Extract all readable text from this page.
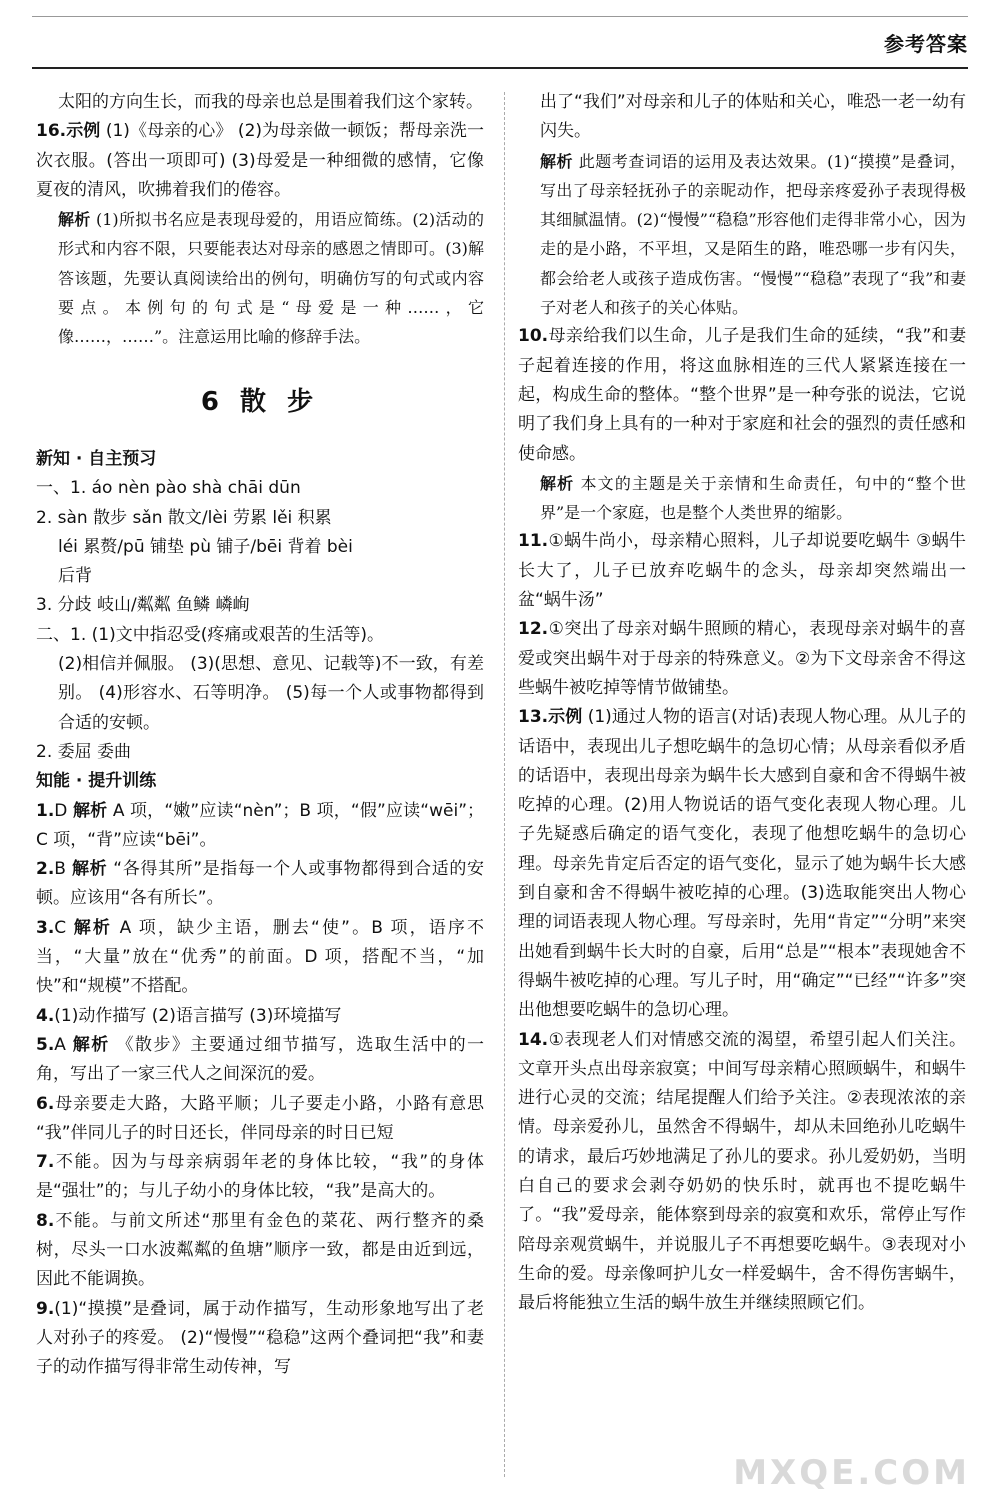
参考答案

太阳的方向生长，而我的母亲也总是围着我们这个家转。

16.示例 (1)《母亲的心》 (2)为母亲做一顿饭；帮母亲洗一次衣服。(答出一项即可) (3)母爱是一种细微的感情，它像夏夜的清风，吹拂着我们的倦容。

解析 (1)所拟书名应是表现母爱的，用语应简练。(2)活动的形式和内容不限，只要能表达对母亲的感恩之情即可。(3)解答该题，先要认真阅读给出的例句，明确仿写的句式或内容要点。本例句的句式是“母爱是一种……，它像……，……”。注意运用比喻的修辞手法。

6 散 步

新知 · 自主预习

一、1. áo nèn pào shà chāi dūn

2. sàn 散步 sǎn 散文/lèi 劳累 lěi 积累

léi 累赘/pū 铺垫 pù 铺子/bēi 背着 bèi

后背

3. 分歧 岐山/粼粼 鱼鳞 嶙峋

二、1. (1)文中指忍受(疼痛或艰苦的生活等)。

(2)相信并佩服。 (3)(思想、意见、记载等)不一致，有差别。 (4)形容水、石等明净。 (5)每一个人或事物都得到合适的安顿。

2. 委屈 委曲

知能 · 提升训练

1.D 解析 A 项，“嫩”应读“nèn”；B 项，“假”应读“wēi”；C 项，“背”应读“bēi”。

2.B 解析 “各得其所”是指每一个人或事物都得到合适的安顿。应该用“各有所长”。

3.C 解析 A 项，缺少主语，删去“使”。B 项，语序不当，“大量”放在“优秀”的前面。D 项，搭配不当，“加快”和“规模”不搭配。

4.(1)动作描写 (2)语言描写 (3)环境描写

5.A 解析 《散步》主要通过细节描写，选取生活中的一角，写出了一家三代人之间深沉的爱。

6.母亲要走大路，大路平顺；儿子要走小路，小路有意思 “我”伴同儿子的时日还长，伴同母亲的时日已短

7.不能。因为与母亲病弱年老的身体比较，“我”的身体是“强壮”的；与儿子幼小的身体比较，“我”是高大的。

8.不能。与前文所述“那里有金色的菜花、两行整齐的桑树，尽头一口水波粼粼的鱼塘”顺序一致，都是由近到远，因此不能调换。

9.(1)“摸摸”是叠词，属于动作描写，生动形象地写出了老人对孙子的疼爱。 (2)“慢慢”“稳稳”这两个叠词把“我”和妻子的动作描写得非常生动传神，写

出了“我们”对母亲和儿子的体贴和关心，唯恐一老一幼有闪失。

解析 此题考查词语的运用及表达效果。(1)“摸摸”是叠词，写出了母亲轻抚孙子的亲昵动作，把母亲疼爱孙子表现得极其细腻温情。(2)“慢慢”“稳稳”形容他们走得非常小心，因为走的是小路，不平坦，又是陌生的路，唯恐哪一步有闪失，都会给老人或孩子造成伤害。“慢慢”“稳稳”表现了“我”和妻子对老人和孩子的关心体贴。

10.母亲给我们以生命，儿子是我们生命的延续，“我”和妻子起着连接的作用，将这血脉相连的三代人紧紧连接在一起，构成生命的整体。“整个世界”是一种夸张的说法，它说明了我们身上具有的一种对于家庭和社会的强烈的责任感和使命感。

解析 本文的主题是关于亲情和生命责任，句中的“整个世界”是一个家庭，也是整个人类世界的缩影。

11.①蜗牛尚小，母亲精心照料，儿子却说要吃蜗牛 ③蜗牛长大了，儿子已放弃吃蜗牛的念头，母亲却突然端出一盆“蜗牛汤”

12.①突出了母亲对蜗牛照顾的精心，表现母亲对蜗牛的喜爱或突出蜗牛对于母亲的特殊意义。②为下文母亲舍不得这些蜗牛被吃掉等情节做铺垫。

13.示例 (1)通过人物的语言(对话)表现人物心理。从儿子的话语中，表现出儿子想吃蜗牛的急切心情；从母亲看似矛盾的话语中，表现出母亲为蜗牛长大感到自豪和舍不得蜗牛被吃掉的心理。(2)用人物说话的语气变化表现人物心理。儿子先疑惑后确定的语气变化，表现了他想吃蜗牛的急切心理。母亲先肯定后否定的语气变化，显示了她为蜗牛长大感到自豪和舍不得蜗牛被吃掉的心理。(3)选取能突出人物心理的词语表现人物心理。写母亲时，先用“肯定”“分明”来突出她看到蜗牛长大时的自豪，后用“总是”“根本”表现她舍不得蜗牛被吃掉的心理。写儿子时，用“确定”“已经”“许多”突出他想要吃蜗牛的急切心理。

14.①表现老人们对情感交流的渴望，希望引起人们关注。文章开头点出母亲寂寞；中间写母亲精心照顾蜗牛，和蜗牛进行心灵的交流；结尾提醒人们给予关注。②表现浓浓的亲情。母亲爱孙儿，虽然舍不得蜗牛，却从未回绝孙儿吃蜗牛的请求，最后巧妙地满足了孙儿的要求。孙儿爱奶奶，当明白自己的要求会剥夺奶奶的快乐时，就再也不提吃蜗牛了。“我”爱母亲，能体察到母亲的寂寞和欢乐，常停止写作陪母亲观赏蜗牛，并说服儿子不再想要吃蜗牛。③表现对小生命的爱。母亲像呵护儿女一样爱蜗牛，舍不得伤害蜗牛，最后将能独立生活的蜗牛放生并继续照顾它们。

MXQE.COM
